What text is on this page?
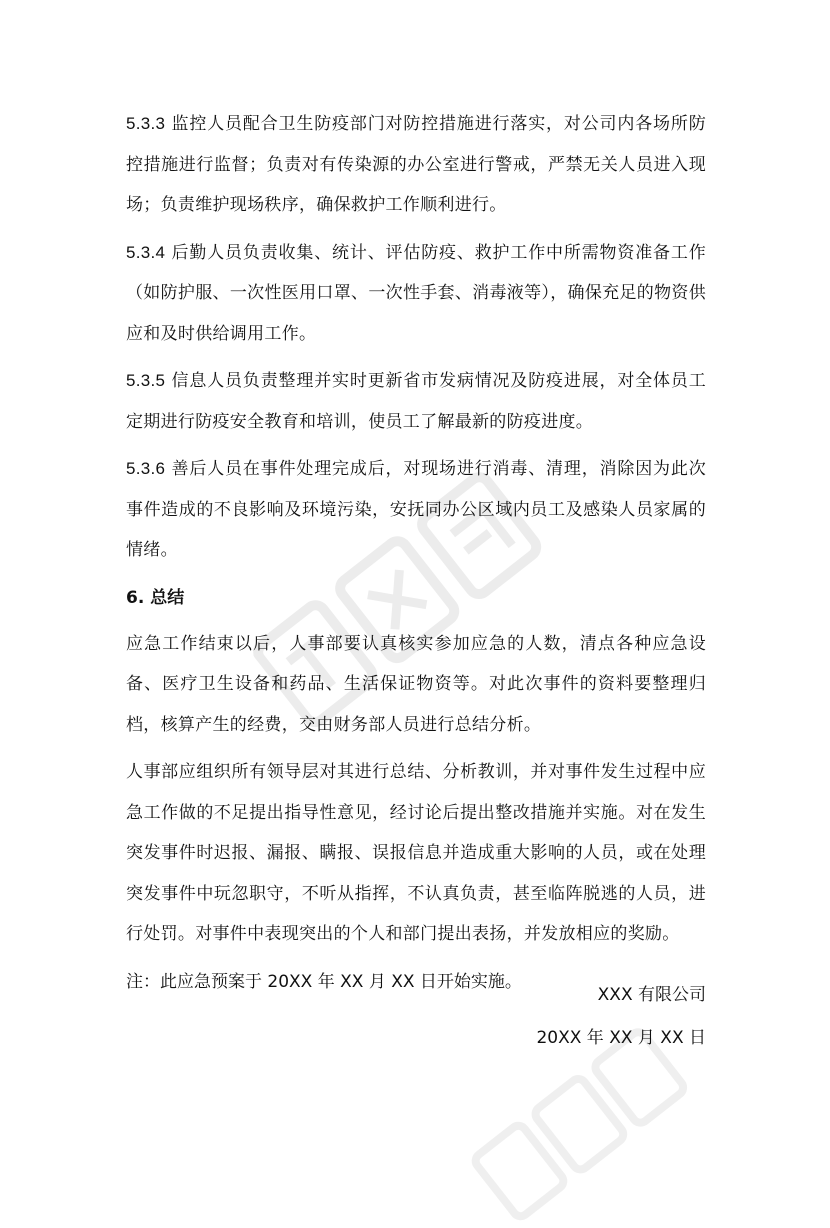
5.3.3 监控人员配合卫生防疫部门对防控措施进行落实，对公司内各场所防控措施进行监督；负责对有传染源的办公室进行警戒，严禁无关人员进入现场；负责维护现场秩序，确保救护工作顺利进行。

5.3.4 后勤人员负责收集、统计、评估防疫、救护工作中所需物资准备工作（如防护服、一次性医用口罩、一次性手套、消毒液等），确保充足的物资供应和及时供给调用工作。

5.3.5 信息人员负责整理并实时更新省市发病情况及防疫进展，对全体员工定期进行防疫安全教育和培训，使员工了解最新的防疫进度。

5.3.6 善后人员在事件处理完成后，对现场进行消毒、清理，消除因为此次事件造成的不良影响及环境污染，安抚同办公区域内员工及感染人员家属的情绪。

6. 总结

应急工作结束以后，人事部要认真核实参加应急的人数，清点各种应急设备、医疗卫生设备和药品、生活保证物资等。对此次事件的资料要整理归档，核算产生的经费，交由财务部人员进行总结分析。

人事部应组织所有领导层对其进行总结、分析教训，并对事件发生过程中应急工作做的不足提出指导性意见，经讨论后提出整改措施并实施。对在发生突发事件时迟报、漏报、瞒报、误报信息并造成重大影响的人员，或在处理突发事件中玩忽职守，不听从指挥，不认真负责，甚至临阵脱逃的人员，进行处罚。对事件中表现突出的个人和部门提出表扬，并发放相应的奖励。

注：此应急预案于 20XX 年 XX 月 XX 日开始实施。

XXX 有限公司
20XX 年 XX 月 XX 日
